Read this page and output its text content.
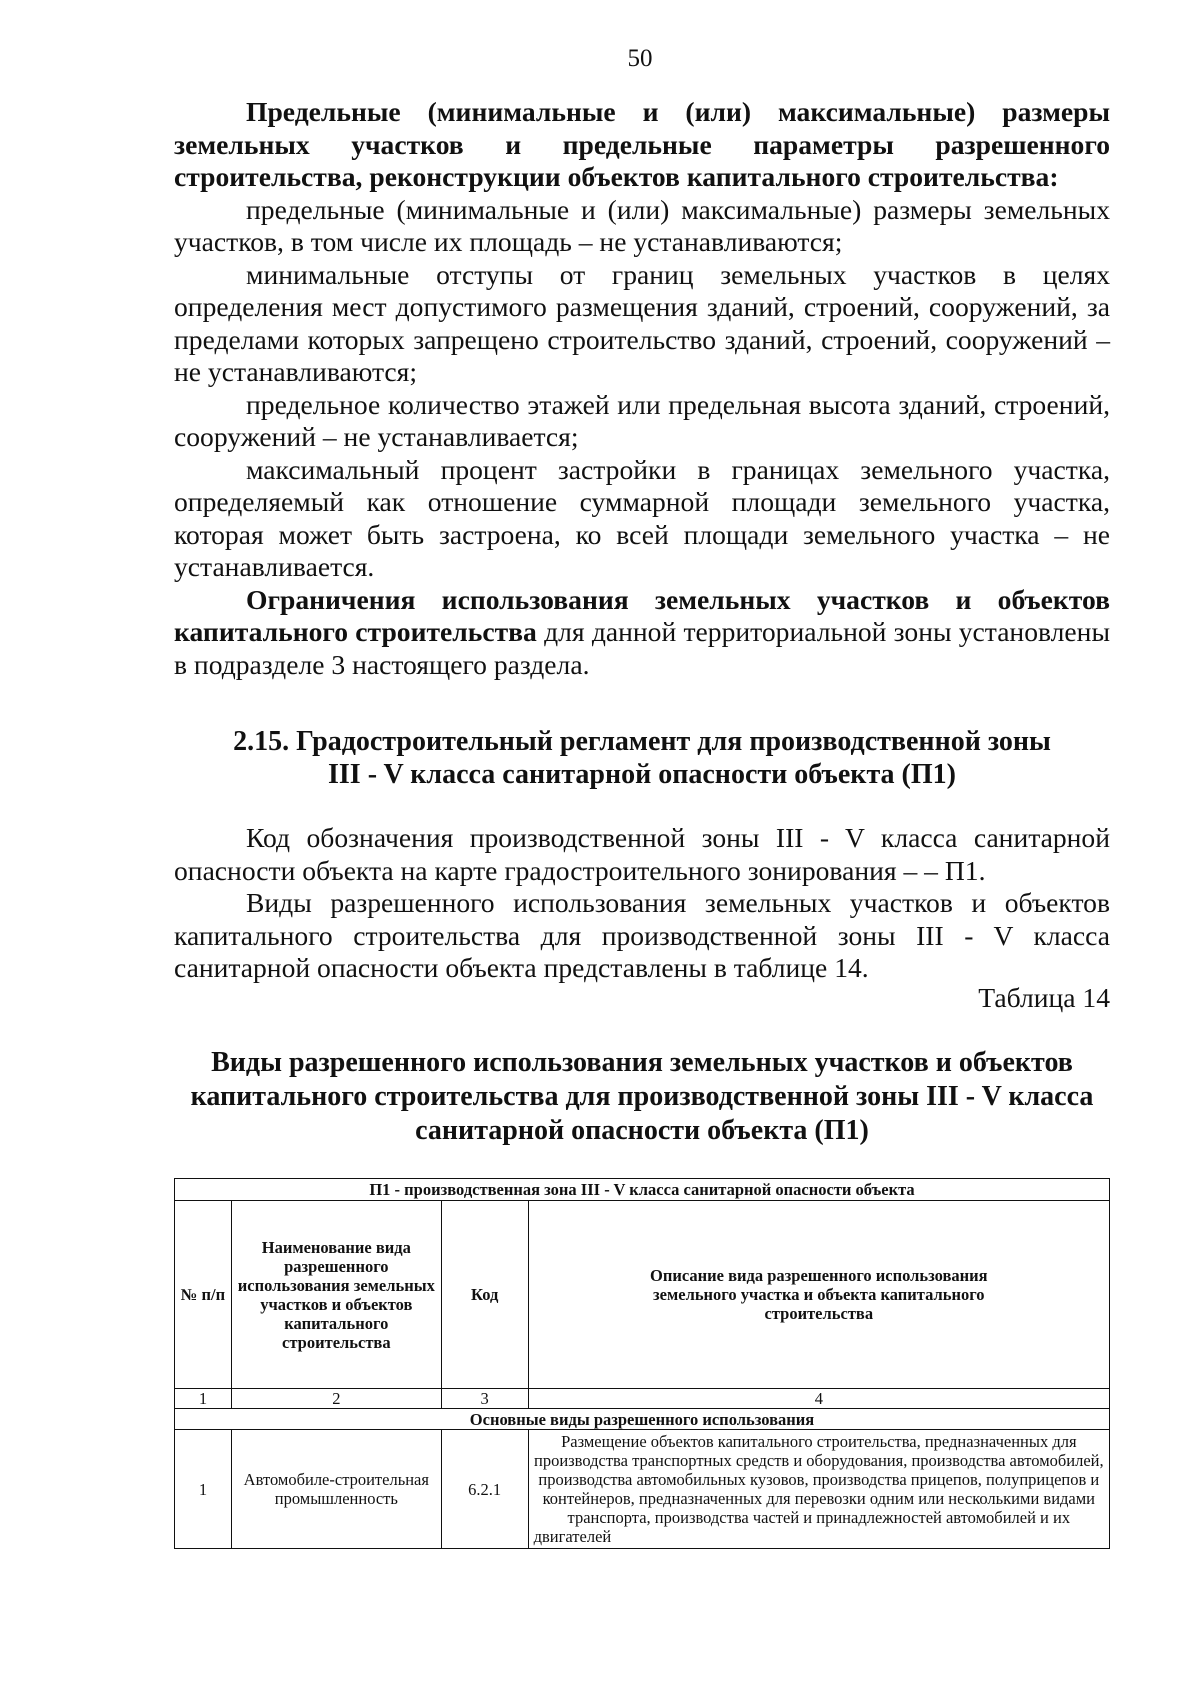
50

Предельные (минимальные и (или) максимальные) размеры земельных участков и предельные параметры разрешенного строительства, реконструкции объектов капитального строительства:

предельные (минимальные и (или) максимальные) размеры земельных участков, в том числе их площадь – не устанавливаются;

минимальные отступы от границ земельных участков в целях определения мест допустимого размещения зданий, строений, сооружений, за пределами которых запрещено строительство зданий, строений, сооружений – не устанавливаются;

предельное количество этажей или предельная высота зданий, строений, сооружений – не устанавливается;

максимальный процент застройки в границах земельного участка, определяемый как отношение суммарной площади земельного участка, которая может быть застроена, ко всей площади земельного участка – не устанавливается.

Ограничения использования земельных участков и объектов капитального строительства для данной территориальной зоны установлены в подразделе 3 настоящего раздела.

2.15. Градостроительный регламент для производственной зоны
III - V класса санитарной опасности объекта (П1)

Код обозначения производственной зоны III - V класса санитарной опасности объекта на карте градостроительного зонирования – – П1.

Виды разрешенного использования земельных участков и объектов капитального строительства для производственной зоны III - V класса санитарной опасности объекта представлены в таблице 14.

Таблица 14
Виды разрешенного использования земельных участков и объектов капитального строительства для производственной зоны III - V класса санитарной опасности объекта (П1)
П1 - производственная зона III - V класса санитарной опасности объекта			
№ п/п	Наименование вида разрешенного использования земельных участков и объектов капитального строительства	Код	Описание вида разрешенного использования земельного участка и объекта капитального строительства
1	2	3	4
Основные виды разрешенного использования			
1	Автомобиле-строительная промышленность	6.2.1	Размещение объектов капитального строительства, предназначенных для производства транспортных средств и оборудования, производства автомобилей, производства автомобильных кузовов, производства прицепов, полуприцепов и контейнеров, предназначенных для перевозки одним или несколькими видами транспорта, производства частей и принадлежностей автомобилей и их двигателей
